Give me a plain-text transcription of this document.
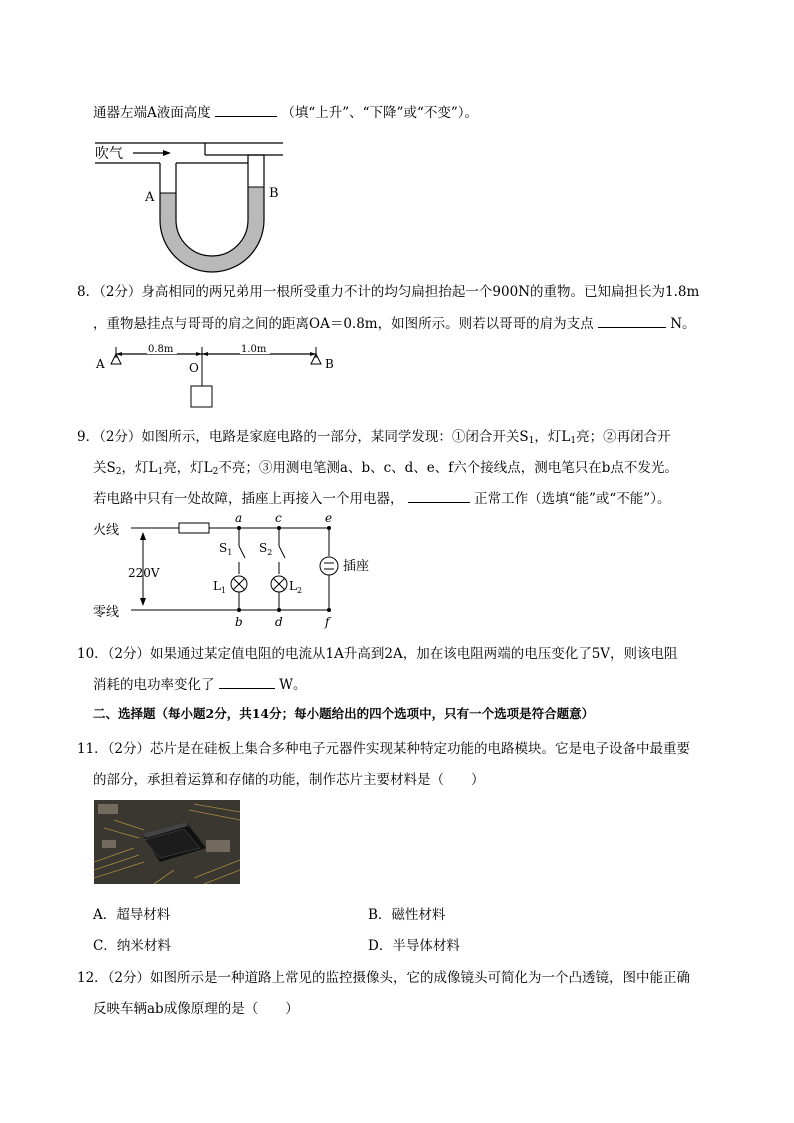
通器左端A液面高度	（填“上升”、“下降”或“不变”）。
吹气
A	B
8．（2分）身高相同的两兄弟用一根所受重力不计的均匀扁担抬起一个900N的重物。已知扁担长为1.8m
，重物悬挂点与哥哥的肩之间的距离OA＝0.8m，如图所示。则若以哥哥的肩为支点	N。
0.8m	1.0m
A	O	B
9．（2分）如图所示，电路是家庭电路的一部分，某同学发现：①闭合开关$S_1$，灯$L_1$亮；②再闭合开
关$S_2$，灯$L_1$亮，灯$L_2$不亮；③用测电笔测a、b、c、d、e、f六个接线点，测电笔只在b点不发光。
若电路中只有一处故障，插座上再接入一个用电器，	正常工作（选填“能”或“不能”）。
火线
零线
220V	插座
a
b
c
d
e
f
$S_1$ $S_2$
$L_1$	$L_2$
10．（2分）如果通过某定值电阻的电流从1A升高到2A，加在该电阻两端的电压变化了5V，则该电阻
消耗的电功率变化了	W。
二、选择题（每小题2分，共14分；每小题给出的四个选项中，只有一个选项是符合题意）
11．（2分）芯片是在硅板上集合多种电子元器件实现某种特定功能的电路模块。它是电子设备中最重要
的部分，承担着运算和存储的功能，制作芯片主要材料是（　　）
A．超导材料	B．磁性材料
C．纳米材料	D．半导体材料
12．（2分）如图所示是一种道路上常见的监控摄像头，它的成像镜头可简化为一个凸透镜，图中能正确
反映车辆ab成像原理的是（　　）
